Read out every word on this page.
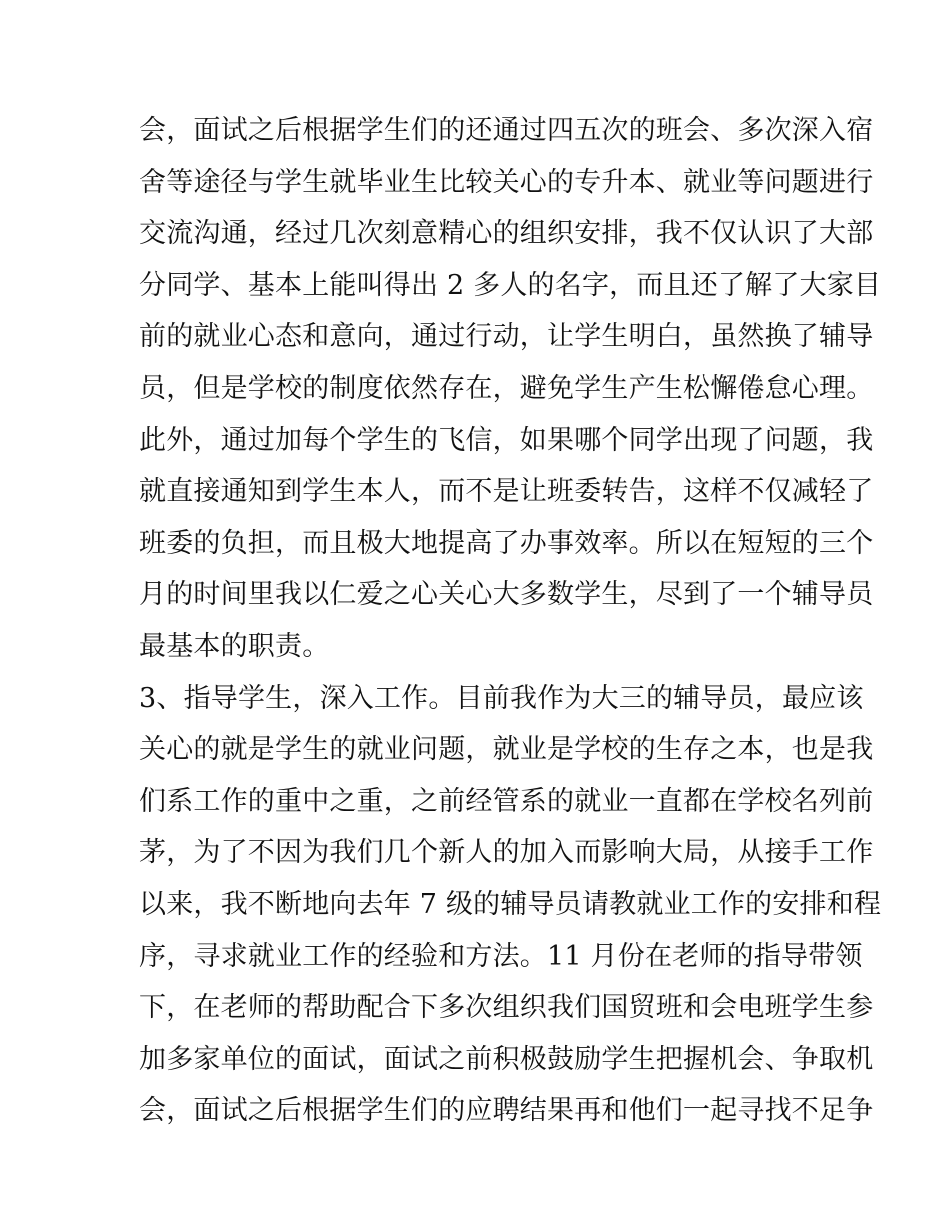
会，面试之后根据学生们的还通过四五次的班会、多次深入宿
舍等途径与学生就毕业生比较关心的专升本、就业等问题进行
交流沟通，经过几次刻意精心的组织安排，我不仅认识了大部
分同学、基本上能叫得出 2 多人的名字，而且还了解了大家目
前的就业心态和意向，通过行动，让学生明白，虽然换了辅导
员，但是学校的制度依然存在，避免学生产生松懈倦怠心理。
此外，通过加每个学生的飞信，如果哪个同学出现了问题，我
就直接通知到学生本人，而不是让班委转告，这样不仅减轻了
班委的负担，而且极大地提高了办事效率。所以在短短的三个
月的时间里我以仁爱之心关心大多数学生，尽到了一个辅导员
最基本的职责。
3、指导学生，深入工作。目前我作为大三的辅导员，最应该
关心的就是学生的就业问题，就业是学校的生存之本，也是我
们系工作的重中之重，之前经管系的就业一直都在学校名列前
茅，为了不因为我们几个新人的加入而影响大局，从接手工作
以来，我不断地向去年 7 级的辅导员请教就业工作的安排和程
序，寻求就业工作的经验和方法。11 月份在老师的指导带领
下，在老师的帮助配合下多次组织我们国贸班和会电班学生参
加多家单位的面试，面试之前积极鼓励学生把握机会、争取机
会，面试之后根据学生们的应聘结果再和他们一起寻找不足争
